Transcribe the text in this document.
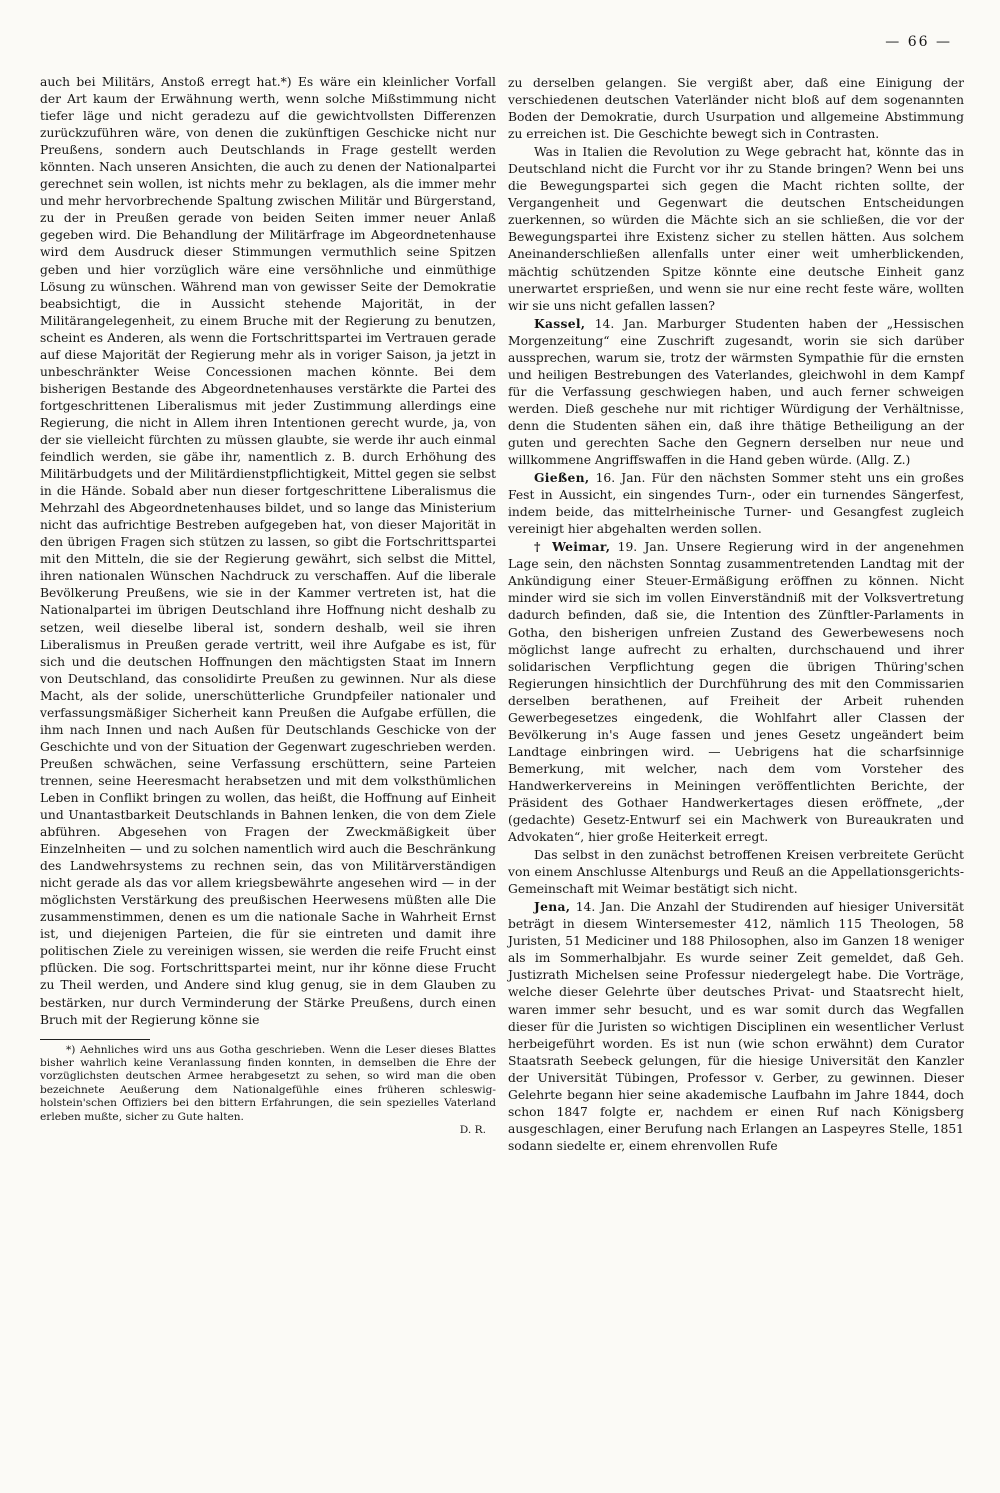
— 66 —

auch bei Militärs, Anstoß erregt hat.*) Es wäre ein kleinlicher Vorfall der Art kaum der Erwähnung werth, wenn solche Mißstimmung nicht tiefer läge und nicht geradezu auf die gewichtvollsten Differenzen zurückzuführen wäre, von denen die zukünftigen Geschicke nicht nur Preußens, sondern auch Deutschlands in Frage gestellt werden könnten. Nach unseren Ansichten, die auch zu denen der Nationalpartei gerechnet sein wollen, ist nichts mehr zu beklagen, als die immer mehr und mehr hervorbrechende Spaltung zwischen Militär und Bürgerstand, zu der in Preußen gerade von beiden Seiten immer neuer Anlaß gegeben wird. Die Behandlung der Militärfrage im Abgeordnetenhause wird dem Ausdruck dieser Stimmungen vermuthlich seine Spitzen geben und hier vorzüglich wäre eine versöhnliche und einmüthige Lösung zu wünschen. Während man von gewisser Seite der Demokratie beabsichtigt, die in Aussicht stehende Majorität, in der Militärangelegenheit, zu einem Bruche mit der Regierung zu benutzen, scheint es Anderen, als wenn die Fortschrittspartei im Vertrauen gerade auf diese Majorität der Regierung mehr als in voriger Saison, ja jetzt in unbeschränkter Weise Concessionen machen könnte. Bei dem bisherigen Bestande des Abgeordnetenhauses verstärkte die Partei des fortgeschrittenen Liberalismus mit jeder Zustimmung allerdings eine Regierung, die nicht in Allem ihren Intentionen gerecht wurde, ja, von der sie vielleicht fürchten zu müssen glaubte, sie werde ihr auch einmal feindlich werden, sie gäbe ihr, namentlich z. B. durch Erhöhung des Militärbudgets und der Militärdienstpflichtigkeit, Mittel gegen sie selbst in die Hände. Sobald aber nun dieser fortgeschrittene Liberalismus die Mehrzahl des Abgeordnetenhauses bildet, und so lange das Ministerium nicht das aufrichtige Bestreben aufgegeben hat, von dieser Majorität in den übrigen Fragen sich stützen zu lassen, so gibt die Fortschrittspartei mit den Mitteln, die sie der Regierung gewährt, sich selbst die Mittel, ihren nationalen Wünschen Nachdruck zu verschaffen. Auf die liberale Bevölkerung Preußens, wie sie in der Kammer vertreten ist, hat die Nationalpartei im übrigen Deutschland ihre Hoffnung nicht deshalb zu setzen, weil dieselbe liberal ist, sondern deshalb, weil sie ihren Liberalismus in Preußen gerade vertritt, weil ihre Aufgabe es ist, für sich und die deutschen Hoffnungen den mächtigsten Staat im Innern von Deutschland, das consolidirte Preußen zu gewinnen. Nur als diese Macht, als der solide, unerschütterliche Grundpfeiler nationaler und verfassungsmäßiger Sicherheit kann Preußen die Aufgabe erfüllen, die ihm nach Innen und nach Außen für Deutschlands Geschicke von der Geschichte und von der Situation der Gegenwart zugeschrieben werden. Preußen schwächen, seine Verfassung erschüttern, seine Parteien trennen, seine Heeresmacht herabsetzen und mit dem volksthümlichen Leben in Conflikt bringen zu wollen, das heißt, die Hoffnung auf Einheit und Unantastbarkeit Deutschlands in Bahnen lenken, die von dem Ziele abführen. Abgesehen von Fragen der Zweckmäßigkeit über Einzelnheiten — und zu solchen namentlich wird auch die Beschränkung des Landwehrsystems zu rechnen sein, das von Militärverständigen nicht gerade als das vor allem kriegsbewährte angesehen wird — in der möglichsten Verstärkung des preußischen Heerwesens müßten alle Die zusammenstimmen, denen es um die nationale Sache in Wahrheit Ernst ist, und diejenigen Parteien, die für sie eintreten und damit ihre politischen Ziele zu vereinigen wissen, sie werden die reife Frucht einst pflücken. Die sog. Fortschrittspartei meint, nur ihr könne diese Frucht zu Theil werden, und Andere sind klug genug, sie in dem Glauben zu bestärken, nur durch Verminderung der Stärke Preußens, durch einen Bruch mit der Regierung könne sie

*) Aehnliches wird uns aus Gotha geschrieben. Wenn die Leser dieses Blattes bisher wahrlich keine Veranlassung finden konnten, in demselben die Ehre der vorzüglichsten deutschen Armee herabgesetzt zu sehen, so wird man die oben bezeichnete Aeußerung dem Nationalgefühle eines früheren schleswig-holstein'schen Offiziers bei den bittern Erfahrungen, die sein spezielles Vaterland erleben mußte, sicher zu Gute halten.

D. R.

zu derselben gelangen. Sie vergißt aber, daß eine Einigung der verschiedenen deutschen Vaterländer nicht bloß auf dem sogenannten Boden der Demokratie, durch Usurpation und allgemeine Abstimmung zu erreichen ist. Die Geschichte bewegt sich in Contrasten.

Was in Italien die Revolution zu Wege gebracht hat, könnte das in Deutschland nicht die Furcht vor ihr zu Stande bringen? Wenn bei uns die Bewegungspartei sich gegen die Macht richten sollte, der Vergangenheit und Gegenwart die deutschen Entscheidungen zuerkennen, so würden die Mächte sich an sie schließen, die vor der Bewegungspartei ihre Existenz sicher zu stellen hätten. Aus solchem Aneinanderschließen allenfalls unter einer weit umherblickenden, mächtig schützenden Spitze könnte eine deutsche Einheit ganz unerwartet ersprießen, und wenn sie nur eine recht feste wäre, wollten wir sie uns nicht gefallen lassen?

Kassel, 14. Jan. Marburger Studenten haben der „Hessischen Morgenzeitung“ eine Zuschrift zugesandt, worin sie sich darüber aussprechen, warum sie, trotz der wärmsten Sympathie für die ernsten und heiligen Bestrebungen des Vaterlandes, gleichwohl in dem Kampf für die Verfassung geschwiegen haben, und auch ferner schweigen werden. Dieß geschehe nur mit richtiger Würdigung der Verhältnisse, denn die Studenten sähen ein, daß ihre thätige Betheiligung an der guten und gerechten Sache den Gegnern derselben nur neue und willkommene Angriffswaffen in die Hand geben würde. (Allg. Z.)

Gießen, 16. Jan. Für den nächsten Sommer steht uns ein großes Fest in Aussicht, ein singendes Turn-, oder ein turnendes Sängerfest, indem beide, das mittelrheinische Turner- und Gesangfest zugleich vereinigt hier abgehalten werden sollen.

† Weimar, 19. Jan. Unsere Regierung wird in der angenehmen Lage sein, den nächsten Sonntag zusammentretenden Landtag mit der Ankündigung einer Steuer-Ermäßigung eröffnen zu können. Nicht minder wird sie sich im vollen Einverständniß mit der Volksvertretung dadurch befinden, daß sie, die Intention des Zünftler-Parlaments in Gotha, den bisherigen unfreien Zustand des Gewerbewesens noch möglichst lange aufrecht zu erhalten, durchschauend und ihrer solidarischen Verpflichtung gegen die übrigen Thüring'schen Regierungen hinsichtlich der Durchführung des mit den Commissarien derselben berathenen, auf Freiheit der Arbeit ruhenden Gewerbegesetzes eingedenk, die Wohlfahrt aller Classen der Bevölkerung in's Auge fassen und jenes Gesetz ungeändert beim Landtage einbringen wird. — Uebrigens hat die scharfsinnige Bemerkung, mit welcher, nach dem vom Vorsteher des Handwerkervereins in Meiningen veröffentlichten Berichte, der Präsident des Gothaer Handwerkertages diesen eröffnete, „der (gedachte) Gesetz-Entwurf sei ein Machwerk von Bureaukraten und Advokaten“, hier große Heiterkeit erregt.

Das selbst in den zunächst betroffenen Kreisen verbreitete Gerücht von einem Anschlusse Altenburgs und Reuß an die Appellationsgerichts-Gemeinschaft mit Weimar bestätigt sich nicht.

Jena, 14. Jan. Die Anzahl der Studirenden auf hiesiger Universität beträgt in diesem Wintersemester 412, nämlich 115 Theologen, 58 Juristen, 51 Mediciner und 188 Philosophen, also im Ganzen 18 weniger als im Sommerhalbjahr. Es wurde seiner Zeit gemeldet, daß Geh. Justizrath Michelsen seine Professur niedergelegt habe. Die Vorträge, welche dieser Gelehrte über deutsches Privat- und Staatsrecht hielt, waren immer sehr besucht, und es war somit durch das Wegfallen dieser für die Juristen so wichtigen Disciplinen ein wesentlicher Verlust herbeigeführt worden. Es ist nun (wie schon erwähnt) dem Curator Staatsrath Seebeck gelungen, für die hiesige Universität den Kanzler der Universität Tübingen, Professor v. Gerber, zu gewinnen. Dieser Gelehrte begann hier seine akademische Laufbahn im Jahre 1844, doch schon 1847 folgte er, nachdem er einen Ruf nach Königsberg ausgeschlagen, einer Berufung nach Erlangen an Laspeyres Stelle, 1851 sodann siedelte er, einem ehrenvollen Rufe
